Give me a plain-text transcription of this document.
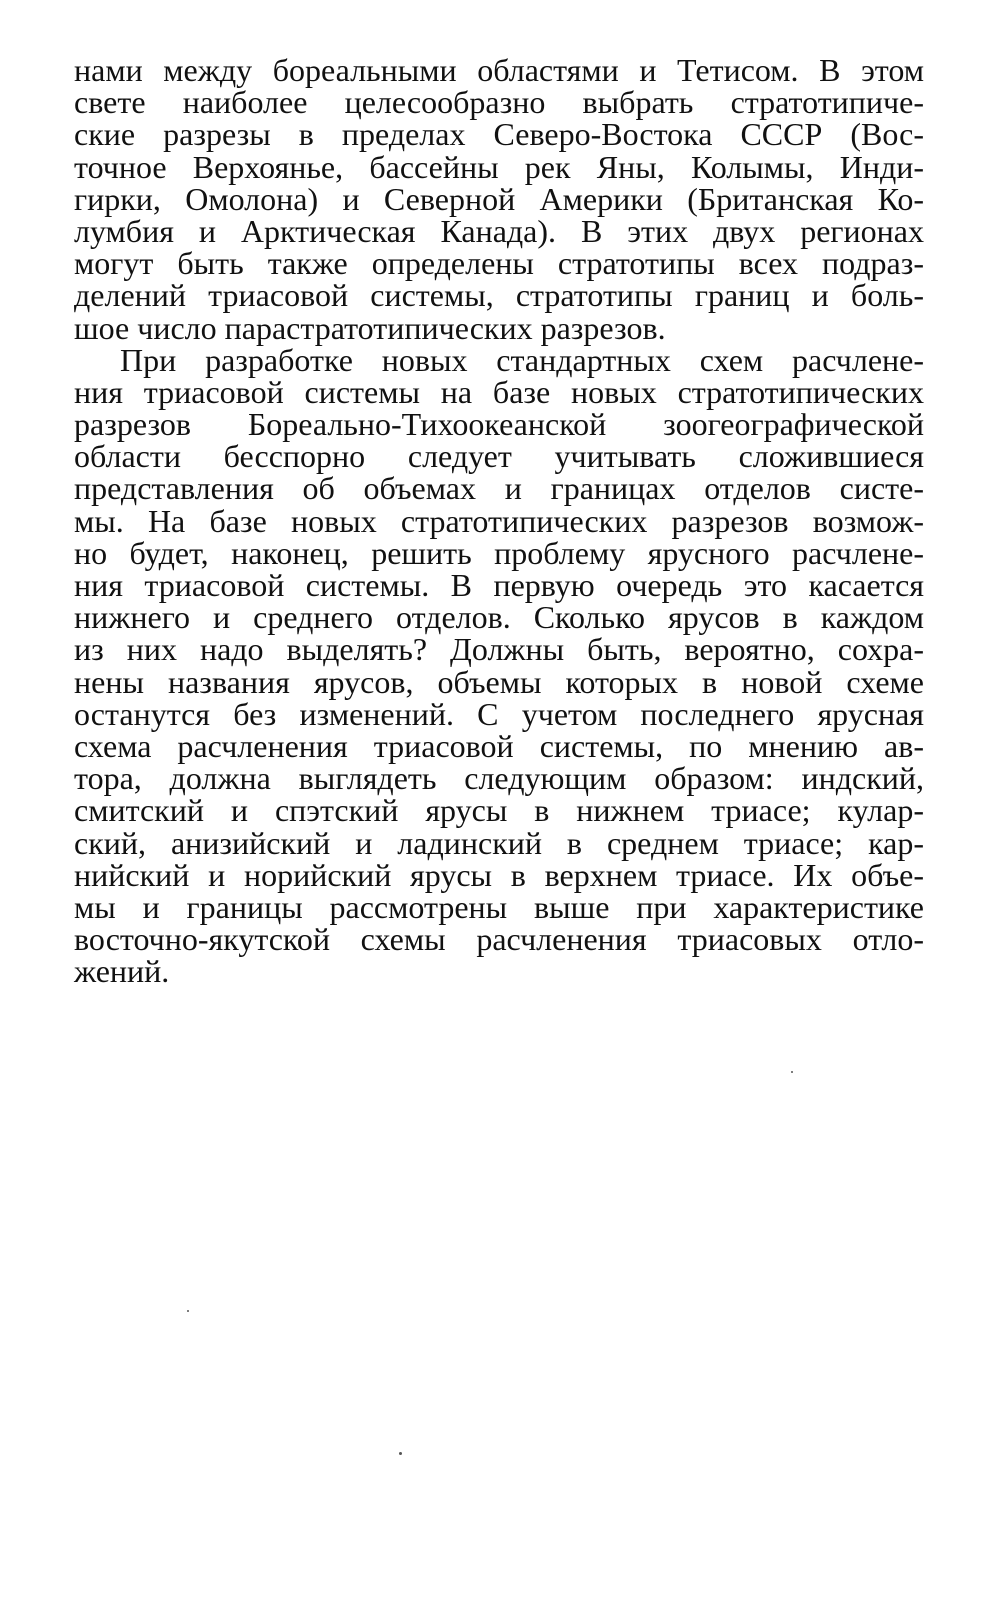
нами между бореальными областями и Тетисом. В этом
свете наиболее целесообразно выбрать стратотипиче-
ские разрезы в пределах Северо-Востока СССР (Вос-
точное Верхоянье, бассейны рек Яны, Колымы, Инди-
гирки, Омолона) и Северной Америки (Британская Ко-
лумбия и Арктическая Канада). В этих двух регионах
могут быть также определены стратотипы всех подраз-
делений триасовой системы, стратотипы границ и боль-
шое число парастратотипических разрезов.
При разработке новых стандартных схем расчлене-
ния триасовой системы на базе новых стратотипических
разрезов Бореально-Тихоокеанской зоогеографической
области бесспорно следует учитывать сложившиеся
представления об объемах и границах отделов систе-
мы. На базе новых стратотипических разрезов возмож-
но будет, наконец, решить проблему ярусного расчлене-
ния триасовой системы. В первую очередь это касается
нижнего и среднего отделов. Сколько ярусов в каждом
из них надо выделять? Должны быть, вероятно, сохра-
нены названия ярусов, объемы которых в новой схеме
останутся без изменений. С учетом последнего ярусная
схема расчленения триасовой системы, по мнению ав-
тора, должна выглядеть следующим образом: индский,
смитский и спэтский ярусы в нижнем триасе; кулар-
ский, анизийский и ладинский в среднем триасе; кар-
нийский и норийский ярусы в верхнем триасе. Их объе-
мы и границы рассмотрены выше при характеристике
восточно-якутской схемы расчленения триасовых отло-
жений.
